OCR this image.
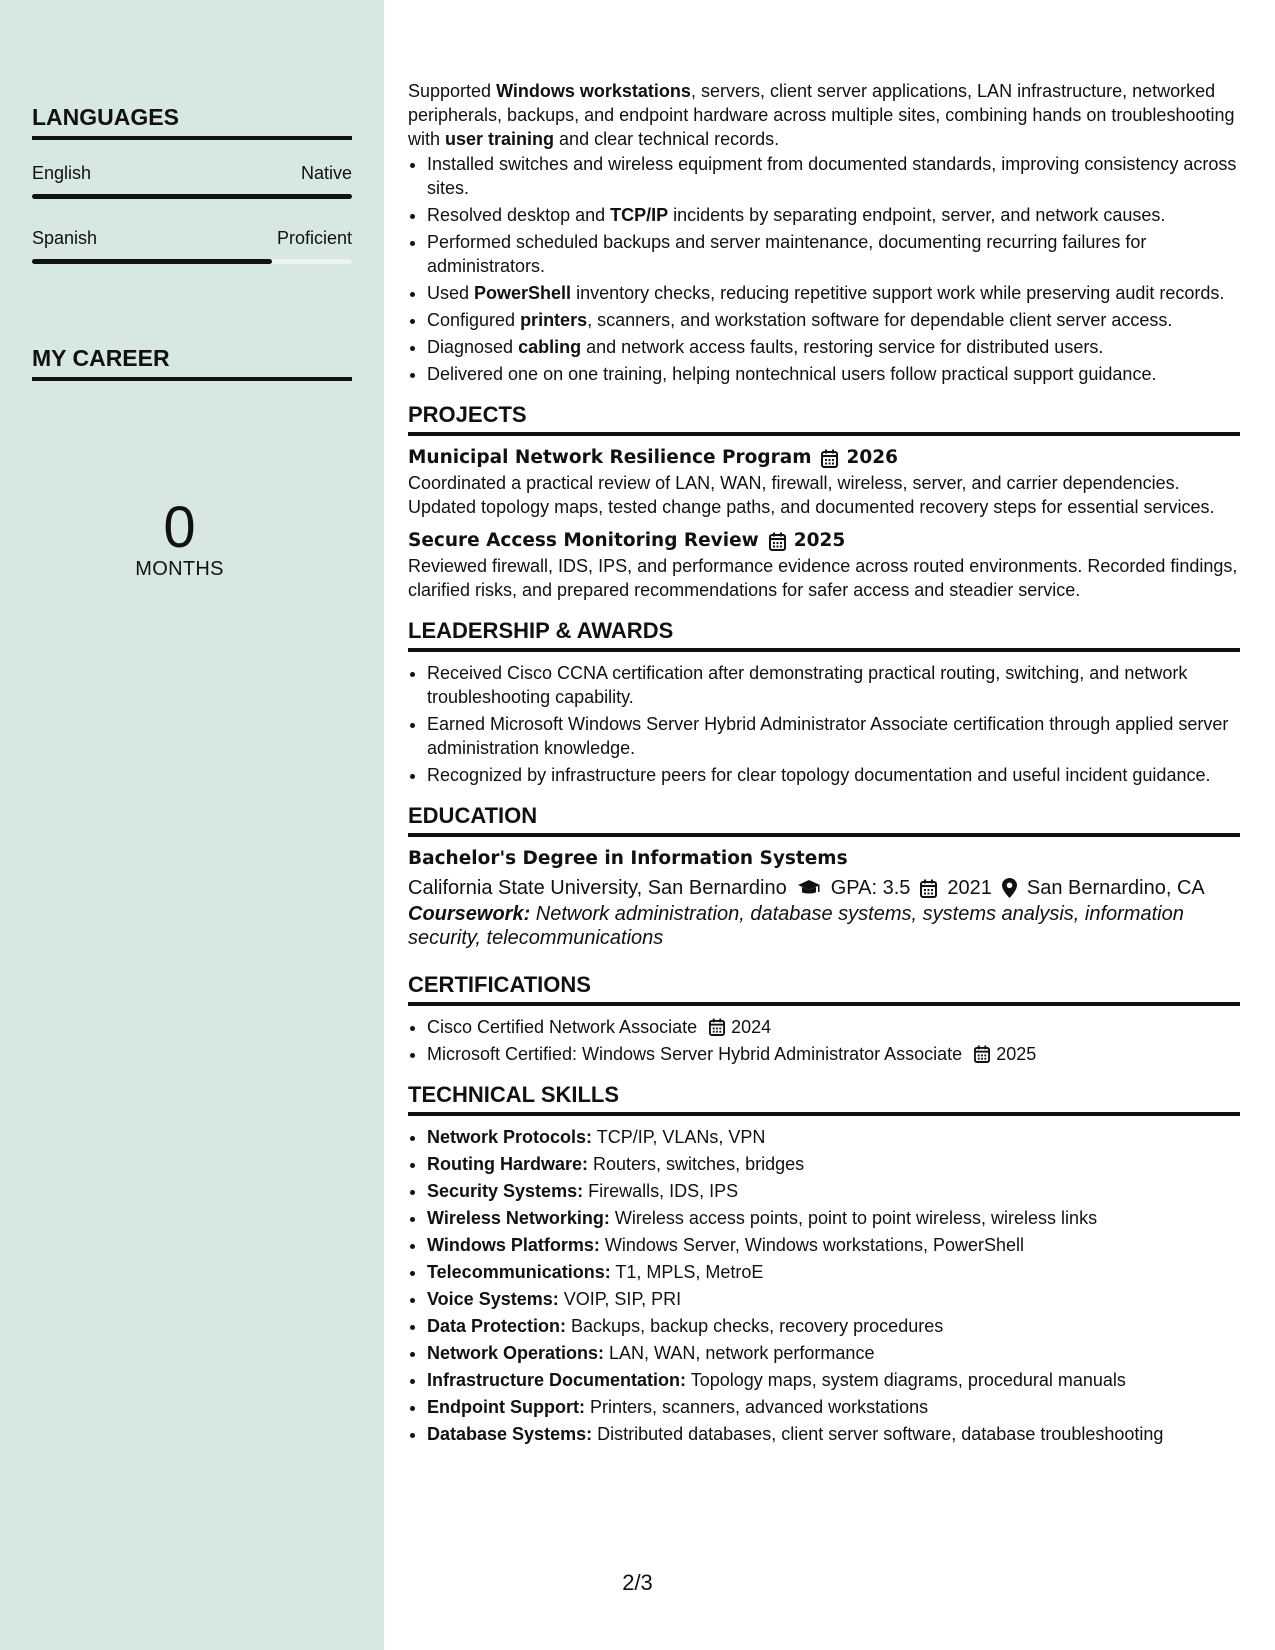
LANGUAGES
English	Native
Spanish	Proficient
MY CAREER
0
MONTHS

Supported Windows workstations, servers, client server applications, LAN infrastructure, networked peripherals, backups, and endpoint hardware across multiple sites, combining hands on troubleshooting with user training and clear technical records.

• Installed switches and wireless equipment from documented standards, improving consistency across sites.
• Resolved desktop and TCP/IP incidents by separating endpoint, server, and network causes.
• Performed scheduled backups and server maintenance, documenting recurring failures for administrators.
• Used PowerShell inventory checks, reducing repetitive support work while preserving audit records.
• Configured printers, scanners, and workstation software for dependable client server access.
• Diagnosed cabling and network access faults, restoring service for distributed users.
• Delivered one on one training, helping nontechnical users follow practical support guidance.
PROJECTS
Municipal Network Resilience Program 2026

Coordinated a practical review of LAN, WAN, firewall, wireless, server, and carrier dependencies. Updated topology maps, tested change paths, and documented recovery steps for essential services.

Secure Access Monitoring Review 2025

Reviewed firewall, IDS, IPS, and performance evidence across routed environments. Recorded findings, clarified risks, and prepared recommendations for safer access and steadier service.

LEADERSHIP & AWARDS
• Received Cisco CCNA certification after demonstrating practical routing, switching, and network troubleshooting capability.
• Earned Microsoft Windows Server Hybrid Administrator Associate certification through applied server administration knowledge.
• Recognized by infrastructure peers for clear topology documentation and useful incident guidance.
EDUCATION
Bachelor's Degree in Information Systems
California State University, San Bernardino GPA: 3.5 2021 San Bernardino, CA

Coursework: Network administration, database systems, systems analysis, information security, telecommunications

CERTIFICATIONS
• Cisco Certified Network Associate 2024
• Microsoft Certified: Windows Server Hybrid Administrator Associate 2025
TECHNICAL SKILLS
• Network Protocols: TCP/IP, VLANs, VPN
• Routing Hardware: Routers, switches, bridges
• Security Systems: Firewalls, IDS, IPS
• Wireless Networking: Wireless access points, point to point wireless, wireless links
• Windows Platforms: Windows Server, Windows workstations, PowerShell
• Telecommunications: T1, MPLS, MetroE
• Voice Systems: VOIP, SIP, PRI
• Data Protection: Backups, backup checks, recovery procedures
• Network Operations: LAN, WAN, network performance
• Infrastructure Documentation: Topology maps, system diagrams, procedural manuals
• Endpoint Support: Printers, scanners, advanced workstations
• Database Systems: Distributed databases, client server software, database troubleshooting
2/3
